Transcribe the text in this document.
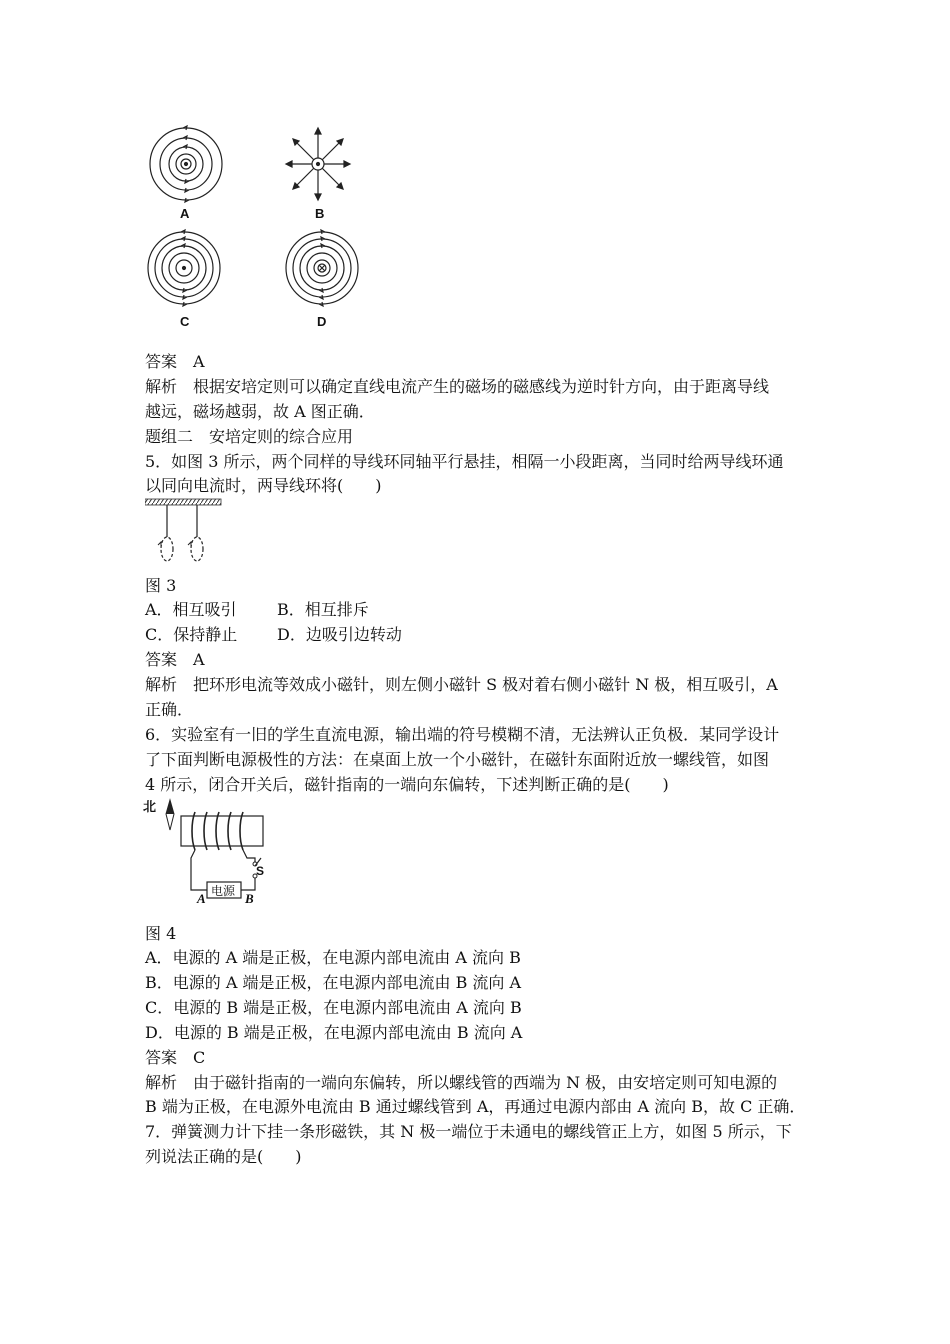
A	B
C	D
答案　A
解析　根据安培定则可以确定直线电流产生的磁场的磁感线为逆时针方向，由于距离导线
越远，磁场越弱，故 A 图正确．
题组二　安培定则的综合应用
5．如图 3 所示，两个同样的导线环同轴平行悬挂，相隔一小段距离，当同时给两导线环通
以同向电流时，两导线环将(　　)
图 3
A．相互吸引	B．相互排斥
C．保持静止 D．边吸引边转动
答案　A
解析　把环形电流等效成小磁针，则左侧小磁针 S 极对着右侧小磁针 N 极，相互吸引，A
正确．
6．实验室有一旧的学生直流电源，输出端的符号模糊不清，无法辨认正负极．某同学设计
了下面判断电源极性的方法：在桌面上放一个小磁针，在磁针东面附近放一螺线管，如图
4 所示，闭合开关后，磁针指南的一端向东偏转，下述判断正确的是(　　)
北
电源
A	B
S
图 4
A．电源的 A 端是正极，在电源内部电流由 A 流向 B
B．电源的 A 端是正极，在电源内部电流由 B 流向 A
C．电源的 B 端是正极，在电源内部电流由 A 流向 B
D．电源的 B 端是正极，在电源内部电流由 B 流向 A
答案　C
解析　由于磁针指南的一端向东偏转，所以螺线管的西端为 N 极，由安培定则可知电源的
B 端为正极，在电源外电流由 B 通过螺线管到 A，再通过电源内部由 A 流向 B，故 C 正确．
7．弹簧测力计下挂一条形磁铁，其 N 极一端位于未通电的螺线管正上方，如图 5 所示，下
列说法正确的是(　　)
